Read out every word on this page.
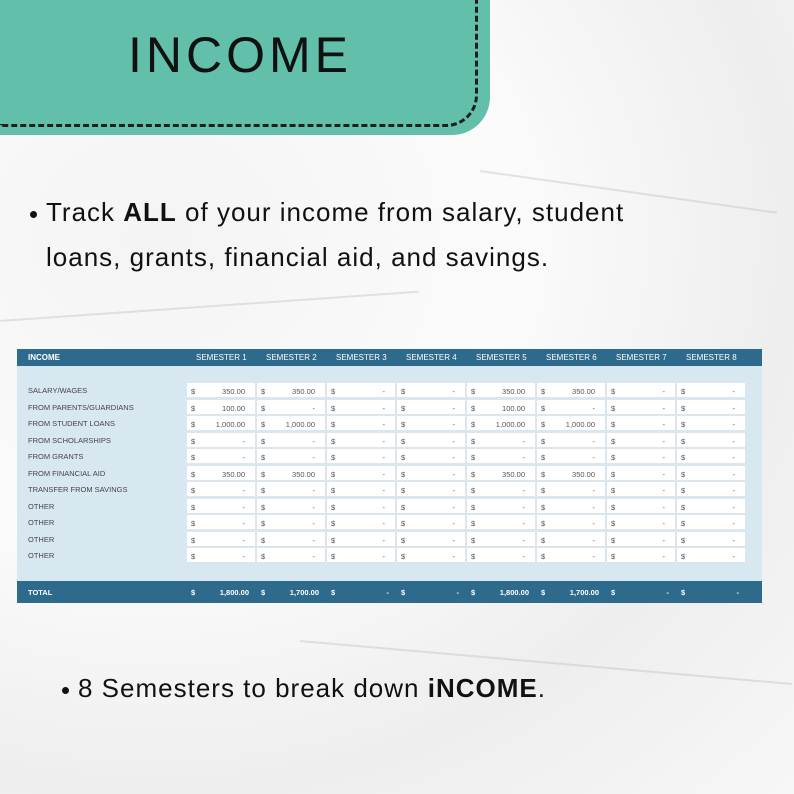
INCOME
Track ALL of your income from salary, student
loans, grants, financial aid, and savings.
8 Semesters to break down iNCOME.
INCOME	SEMESTER 1 SEMESTER 2 SEMESTER 3 SEMESTER 4 SEMESTER 5 SEMESTER 6 SEMESTER 7 SEMESTER 8
TOTAL	$	1,800.00 $	1,700.00 $	- $	- $	1,800.00 $	1,700.00 $	- $	-
SALARY/WAGES	$	350.00 $	350.00 $	- $	- $	350.00 $	350.00 $	- $	-
FROM PARENTS/GUARDIANS	$	100.00 $	- $	- $	- $	100.00 $	- $	- $	-
FROM STUDENT LOANS	$	1,000.00 $	1,000.00 $	- $	- $	1,000.00 $	1,000.00 $	- $	-
FROM SCHOLARSHIPS	$	- $	- $	- $	- $	- $	- $	- $	-
FROM GRANTS	$	- $	- $	- $	- $	- $	- $	- $	-
FROM FINANCIAL AID	$	350.00 $	350.00 $	- $	- $	350.00 $	350.00 $	- $	-
TRANSFER FROM SAVINGS	$	- $	- $	- $	- $	- $	- $	- $	-
OTHER	$	- $	- $	- $	- $	- $	- $	- $	-
OTHER	$	- $	- $	- $	- $	- $	- $	- $	-
OTHER	$	- $	- $	- $	- $	- $	- $	- $	-
OTHER	$	- $	- $	- $	- $	- $	- $	- $	-
